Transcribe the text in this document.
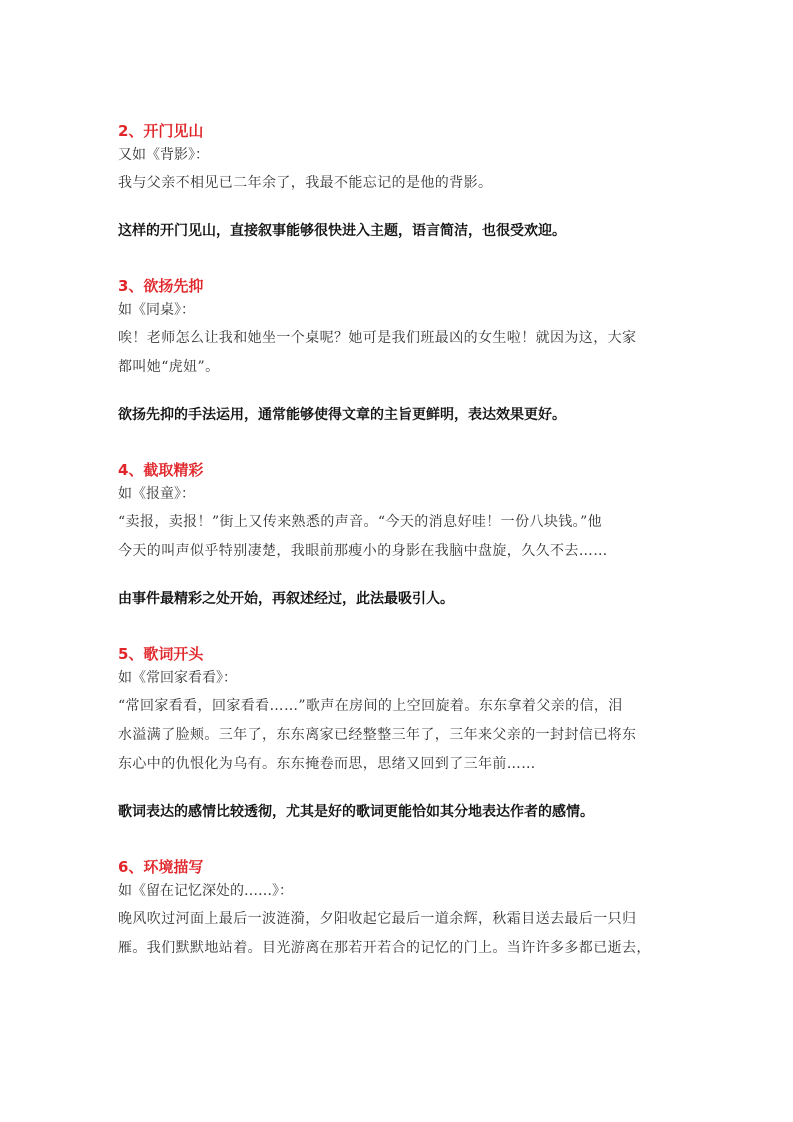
2、开门见山
又如《背影》：
我与父亲不相见已二年余了，我最不能忘记的是他的背影。
这样的开门见山，直接叙事能够很快进入主题，语言简洁，也很受欢迎。
3、欲扬先抑
如《同桌》：
唉！老师怎么让我和她坐一个桌呢？她可是我们班最凶的女生啦！就因为这，大家
都叫她“虎妞”。
欲扬先抑的手法运用，通常能够使得文章的主旨更鲜明，表达效果更好。
4、截取精彩
如《报童》：
“卖报，卖报！”街上又传来熟悉的声音。“今天的消息好哇！一份八块钱。”他
今天的叫声似乎特别凄楚，我眼前那瘦小的身影在我脑中盘旋，久久不去……
由事件最精彩之处开始，再叙述经过，此法最吸引人。
5、歌词开头
如《常回家看看》：
“常回家看看，回家看看……”歌声在房间的上空回旋着。东东拿着父亲的信，泪
水溢满了脸颊。三年了，东东离家已经整整三年了，三年来父亲的一封封信已将东
东心中的仇恨化为乌有。东东掩卷而思，思绪又回到了三年前……
歌词表达的感情比较透彻，尤其是好的歌词更能恰如其分地表达作者的感情。
6、环境描写
如《留在记忆深处的……》：
晚风吹过河面上最后一波涟漪，夕阳收起它最后一道余辉，秋霜目送去最后一只归
雁。我们默默地站着。目光游离在那若开若合的记忆的门上。当许许多多都已逝去，
